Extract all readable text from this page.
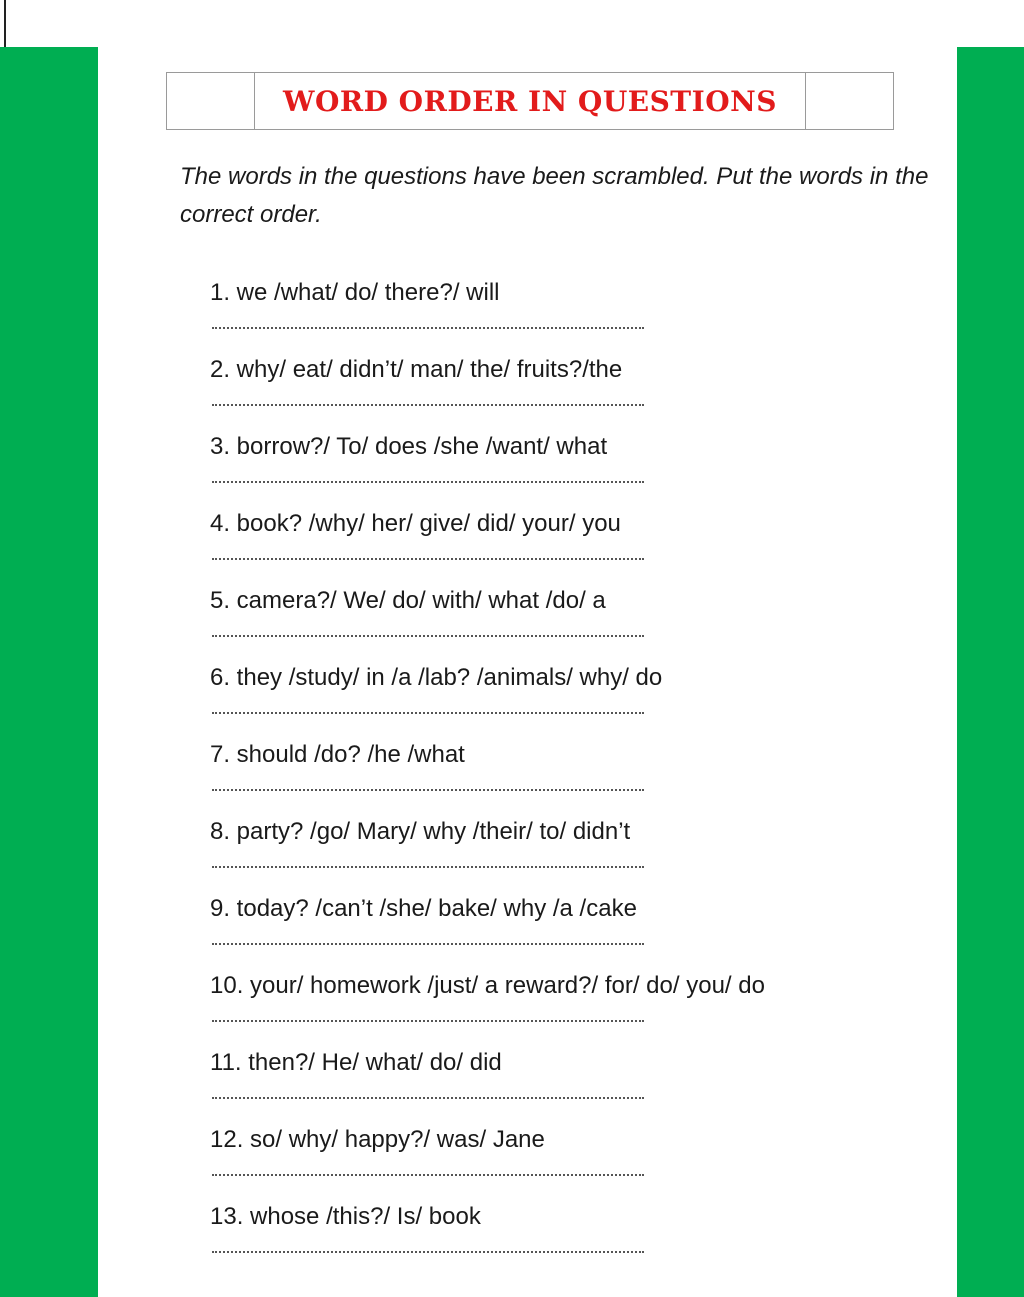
WORD ORDER IN QUESTIONS
The words in the questions have been scrambled. Put the words in the correct order.
1. we /what/ do/ there?/ will
2. why/ eat/ didn’t/ man/ the/ fruits?/the
3. borrow?/ To/ does /she /want/ what
4. book? /why/ her/ give/ did/ your/ you
5. camera?/ We/ do/ with/ what /do/ a
6. they /study/ in /a /lab? /animals/ why/ do
7. should /do? /he /what
8. party? /go/ Mary/ why /their/ to/ didn’t
9. today? /can’t /she/ bake/ why /a /cake
10. your/ homework /just/ a reward?/ for/ do/ you/ do
11. then?/ He/ what/ do/ did
12. so/ why/ happy?/ was/ Jane
13. whose /this?/ Is/ book
